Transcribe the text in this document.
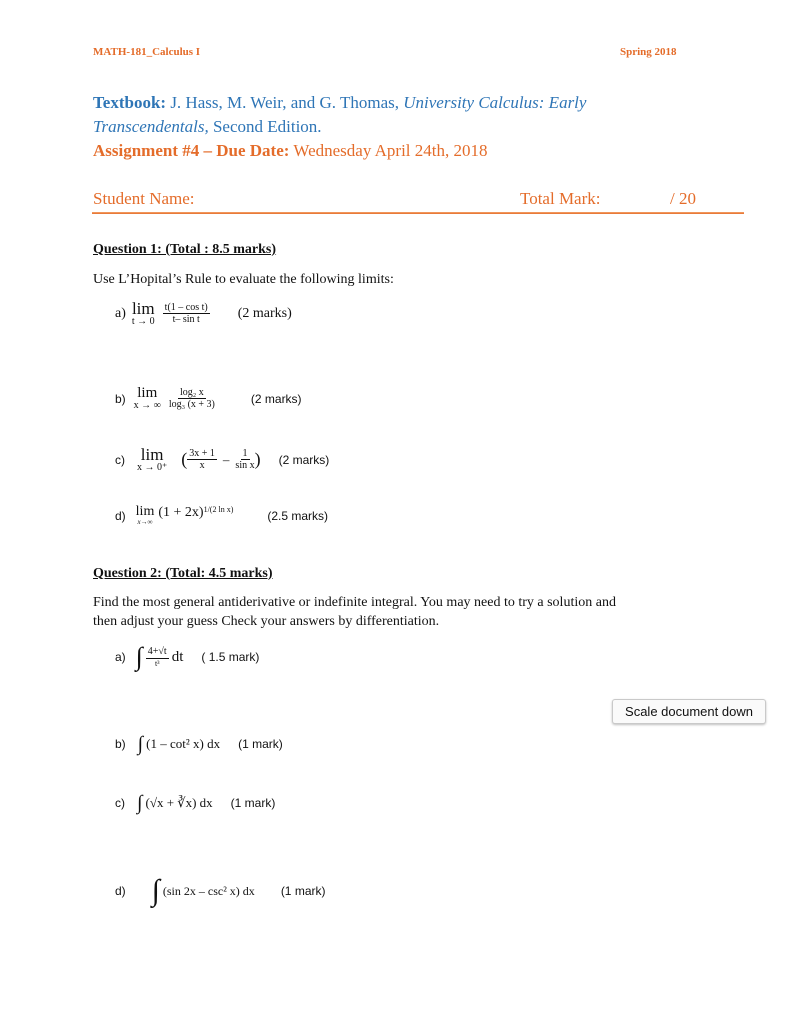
MATH-181_Calculus I	Spring 2018
Textbook: J. Hass, M. Weir, and G. Thomas, University Calculus: Early
Transcendentals, Second Edition.
Assignment #4 – Due Date: Wednesday April 24th, 2018
Student Name:	Total Mark:	/ 20
Question 1: (Total : 8.5 marks)
Use L’Hopital’s Rule to evaluate the following limits:
a) lim
$t \to 0 \frac{\text{t(1 – cos t)}}{\text{t– sin t}} (2$ marks)
b) lim
x → ∞ $\frac{\text{log₂ x}}{\text{log₃ (x + 3)}}$	(2 marks)
c) lim
x → 0⁺ ( $\frac{3x + 1}{x} - \frac{1}{\text{sin x}}$ ) (2 marks)
d) lim
x→∞
$(1 + 2x)^{1/(2 ln x)}$	(2.5 marks)
Question 2: (Total: 4.5 marks)
Find the most general antiderivative or indefinite integral. You may need to try a solution and
then adjust your guess Check your answers by differentiation.
a) ∫ $\frac{4+√t}{\text{t³}}$ dt ( 1.5 mark)
b) ∫ (1 – cot² x) dx (1 mark)
c) ∫ (√x + ∛x) dx (1 mark)
d) ∫ (sin 2x – csc² x) dx (1 mark)
Scale document down
